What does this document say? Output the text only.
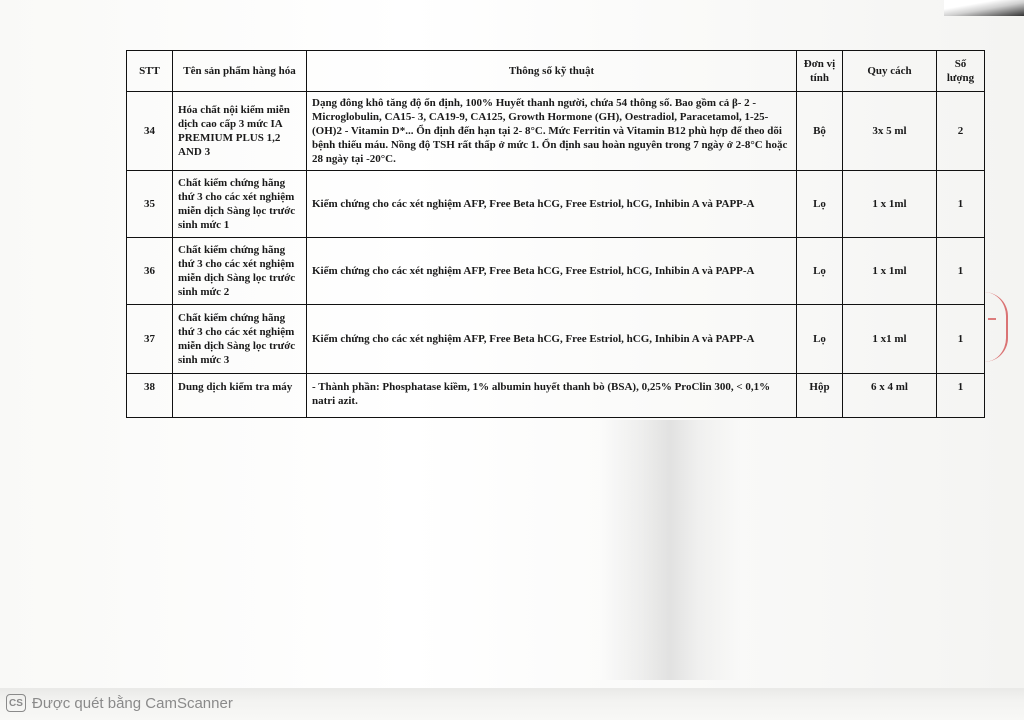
STT	Tên sản phẩm hàng hóa	Thông số kỹ thuật	Đơn vị tính	Quy cách	Số lượng
34	Hóa chất nội kiểm miễn dịch cao cấp 3 mức IA PREMIUM PLUS 1,2 AND 3	Dạng đông khô tăng độ ổn định, 100% Huyết thanh người, chứa 54 thông số. Bao gồm cả β- 2 - Microglobulin, CA15- 3, CA19-9, CA125, Growth Hormone (GH), Oestradiol, Paracetamol, 1-25-(OH)2 - Vitamin D*... Ổn định đến hạn tại 2- 8°C. Mức Ferritin và Vitamin B12 phù hợp để theo dõi bệnh thiếu máu. Nồng độ TSH rất thấp ở mức 1. Ổn định sau hoàn nguyên trong 7 ngày ở 2-8°C hoặc 28 ngày tại -20°C.	Bộ	3x 5 ml	2
35	Chất kiểm chứng hãng thứ 3 cho các xét nghiệm miễn dịch Sàng lọc trước sinh mức 1	Kiểm chứng cho các xét nghiệm AFP, Free Beta hCG, Free Estriol, hCG, Inhibin A và PAPP-A	Lọ	1 x 1ml	1
36	Chất kiểm chứng hãng thứ 3 cho các xét nghiệm miễn dịch Sàng lọc trước sinh mức 2	Kiểm chứng cho các xét nghiệm AFP, Free Beta hCG, Free Estriol, hCG, Inhibin A và PAPP-A	Lọ	1 x 1ml	1
37	Chất kiểm chứng hãng thứ 3 cho các xét nghiệm miễn dịch Sàng lọc trước sinh mức 3	Kiểm chứng cho các xét nghiệm AFP, Free Beta hCG, Free Estriol, hCG, Inhibin A và PAPP-A	Lọ	1 x1 ml	1
38	Dung dịch kiểm tra máy	- Thành phần: Phosphatase kiềm, 1% albumin huyết thanh bò (BSA), 0,25% ProClin 300, < 0,1% natri azit.	Hộp	6 x 4 ml	1
CS Được quét bằng CamScanner
